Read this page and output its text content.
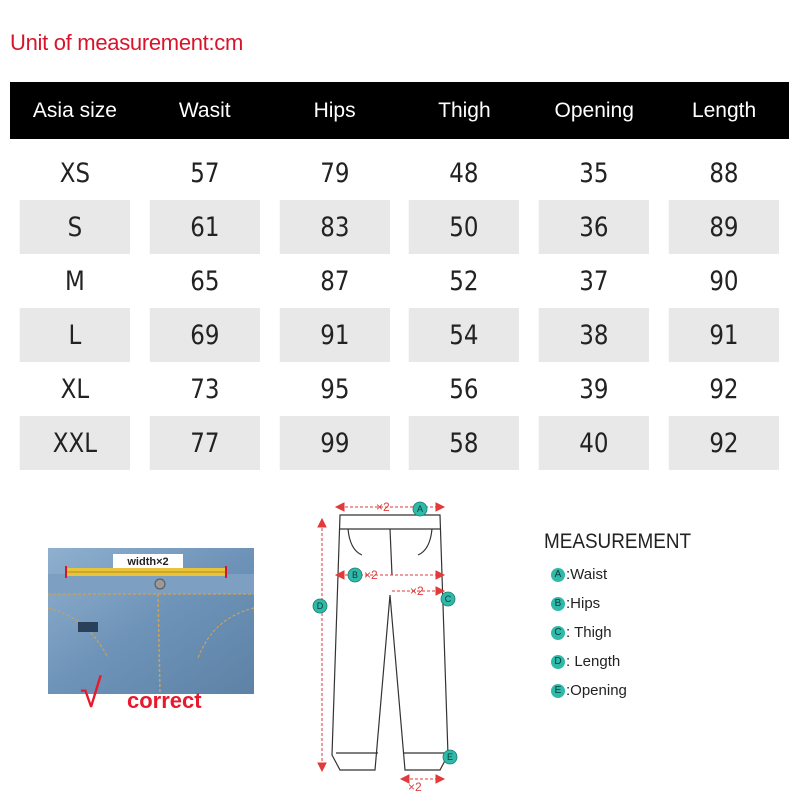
Unit of measurement:cm
Asia size	Wasit	Hips	Thigh	Opening	Length

XS	57	79	48	35	88
S	61	83	50	36	89
M	65	87	52	37	90
L	69	91	54	38	91
XL	73	95	56	39	92
XXL	77	99	58	40	92
width×2
√ correct
×2
×2
×2
×2
A
B
C
D
E
MEASUREMENT
A :Waist
B :Hips
C : Thigh
D : Length
E :Opening
